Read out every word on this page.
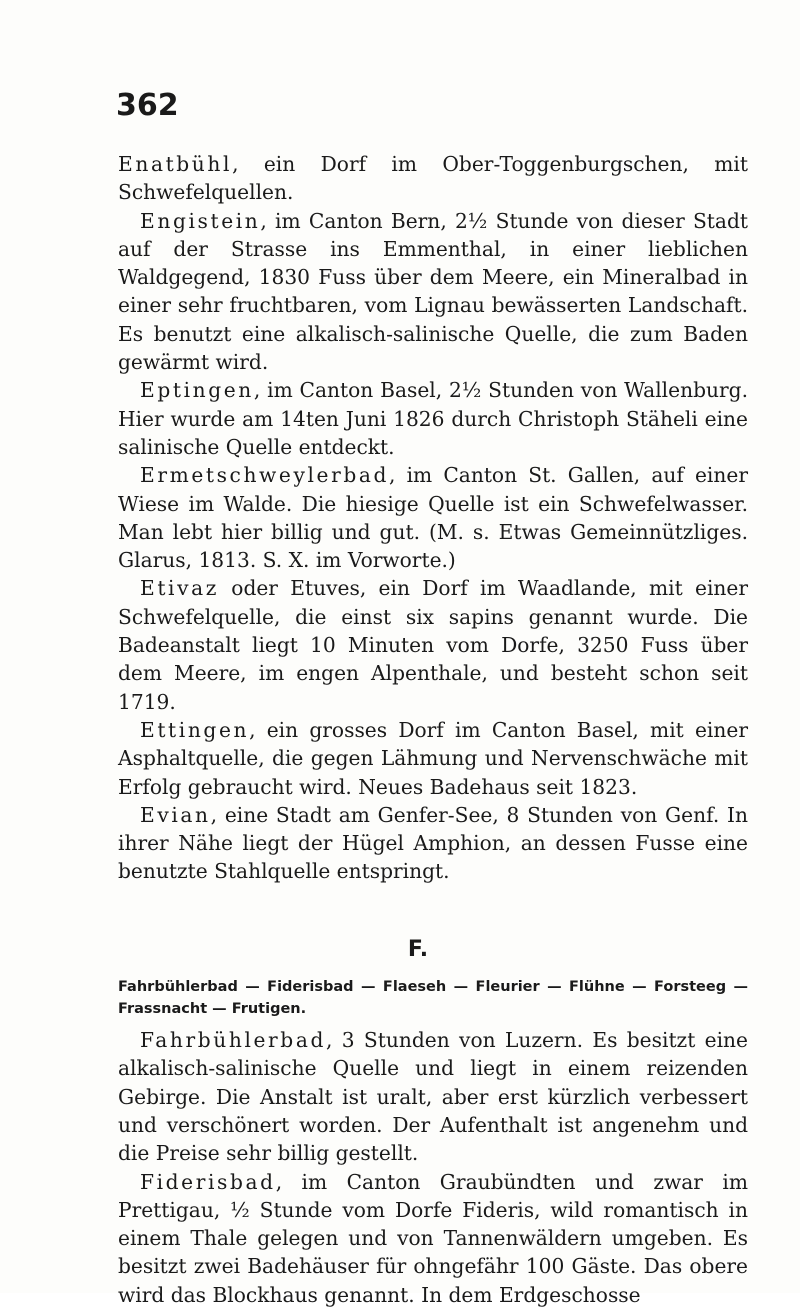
362

Enatbühl, ein Dorf im Ober-Toggenburgschen, mit Schwefelquellen.

Engistein, im Canton Bern, 2½ Stunde von dieser Stadt auf der Strasse ins Emmenthal, in einer lieblichen Waldgegend, 1830 Fuss über dem Meere, ein Mineralbad in einer sehr fruchtbaren, vom Lignau bewässerten Landschaft. Es benutzt eine alkalisch-salinische Quelle, die zum Baden gewärmt wird.

Eptingen, im Canton Basel, 2½ Stunden von Wallenburg. Hier wurde am 14ten Juni 1826 durch Christoph Stäheli eine salinische Quelle entdeckt.

Ermetschweylerbad, im Canton St. Gallen, auf einer Wiese im Walde. Die hiesige Quelle ist ein Schwefelwasser. Man lebt hier billig und gut. (M. s. Etwas Gemeinnützliges. Glarus, 1813. S. X. im Vorworte.)

Etivaz oder Etuves, ein Dorf im Waadlande, mit einer Schwefelquelle, die einst six sapins genannt wurde. Die Badeanstalt liegt 10 Minuten vom Dorfe, 3250 Fuss über dem Meere, im engen Alpenthale, und besteht schon seit 1719.

Ettingen, ein grosses Dorf im Canton Basel, mit einer Asphaltquelle, die gegen Lähmung und Nervenschwäche mit Erfolg gebraucht wird. Neues Badehaus seit 1823.

Evian, eine Stadt am Genfer-See, 8 Stunden von Genf. In ihrer Nähe liegt der Hügel Amphion, an dessen Fusse eine benutzte Stahlquelle entspringt.

F.

Fahrbühlerbad — Fiderisbad — Flaeseh — Fleurier — Flühne — Forsteeg — Frassnacht — Frutigen.

Fahrbühlerbad, 3 Stunden von Luzern. Es besitzt eine alkalisch-salinische Quelle und liegt in einem reizenden Gebirge. Die Anstalt ist uralt, aber erst kürzlich verbessert und verschönert worden. Der Aufenthalt ist angenehm und die Preise sehr billig gestellt.

Fiderisbad, im Canton Graubündten und zwar im Prettigau, ½ Stunde vom Dorfe Fideris, wild romantisch in einem Thale gelegen und von Tannenwäldern umgeben. Es besitzt zwei Badehäuser für ohngefähr 100 Gäste. Das obere wird das Blockhaus genannt. In dem Erdgeschosse
